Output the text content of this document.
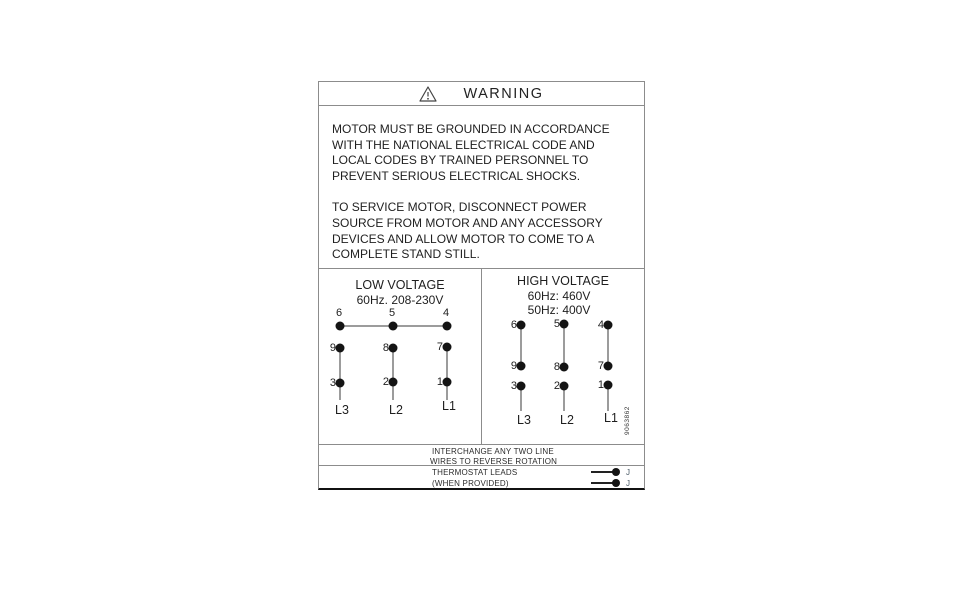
WARNING
MOTOR MUST BE GROUNDED IN ACCORDANCE
WITH THE NATIONAL ELECTRICAL CODE AND
LOCAL CODES BY TRAINED PERSONNEL TO
PREVENT SERIOUS ELECTRICAL SHOCKS.
TO SERVICE MOTOR, DISCONNECT POWER
SOURCE FROM MOTOR AND ANY ACCESSORY
DEVICES AND ALLOW MOTOR TO COME TO A
COMPLETE STAND STILL.
LOW VOLTAGE
60Hz. 208-230V
6	5	4
9	8	7
3	2	1
L3	L2	L1
HIGH VOLTAGE
60Hz: 460V
50Hz: 400V
6	5	4
9	8	7
3	2	1
L3 L2 L1 9063862
INTERCHANGE ANY TWO LINE
WIRES TO REVERSE ROTATION
THERMOSTAT LEADS
(WHEN PROVIDED)
J
J
